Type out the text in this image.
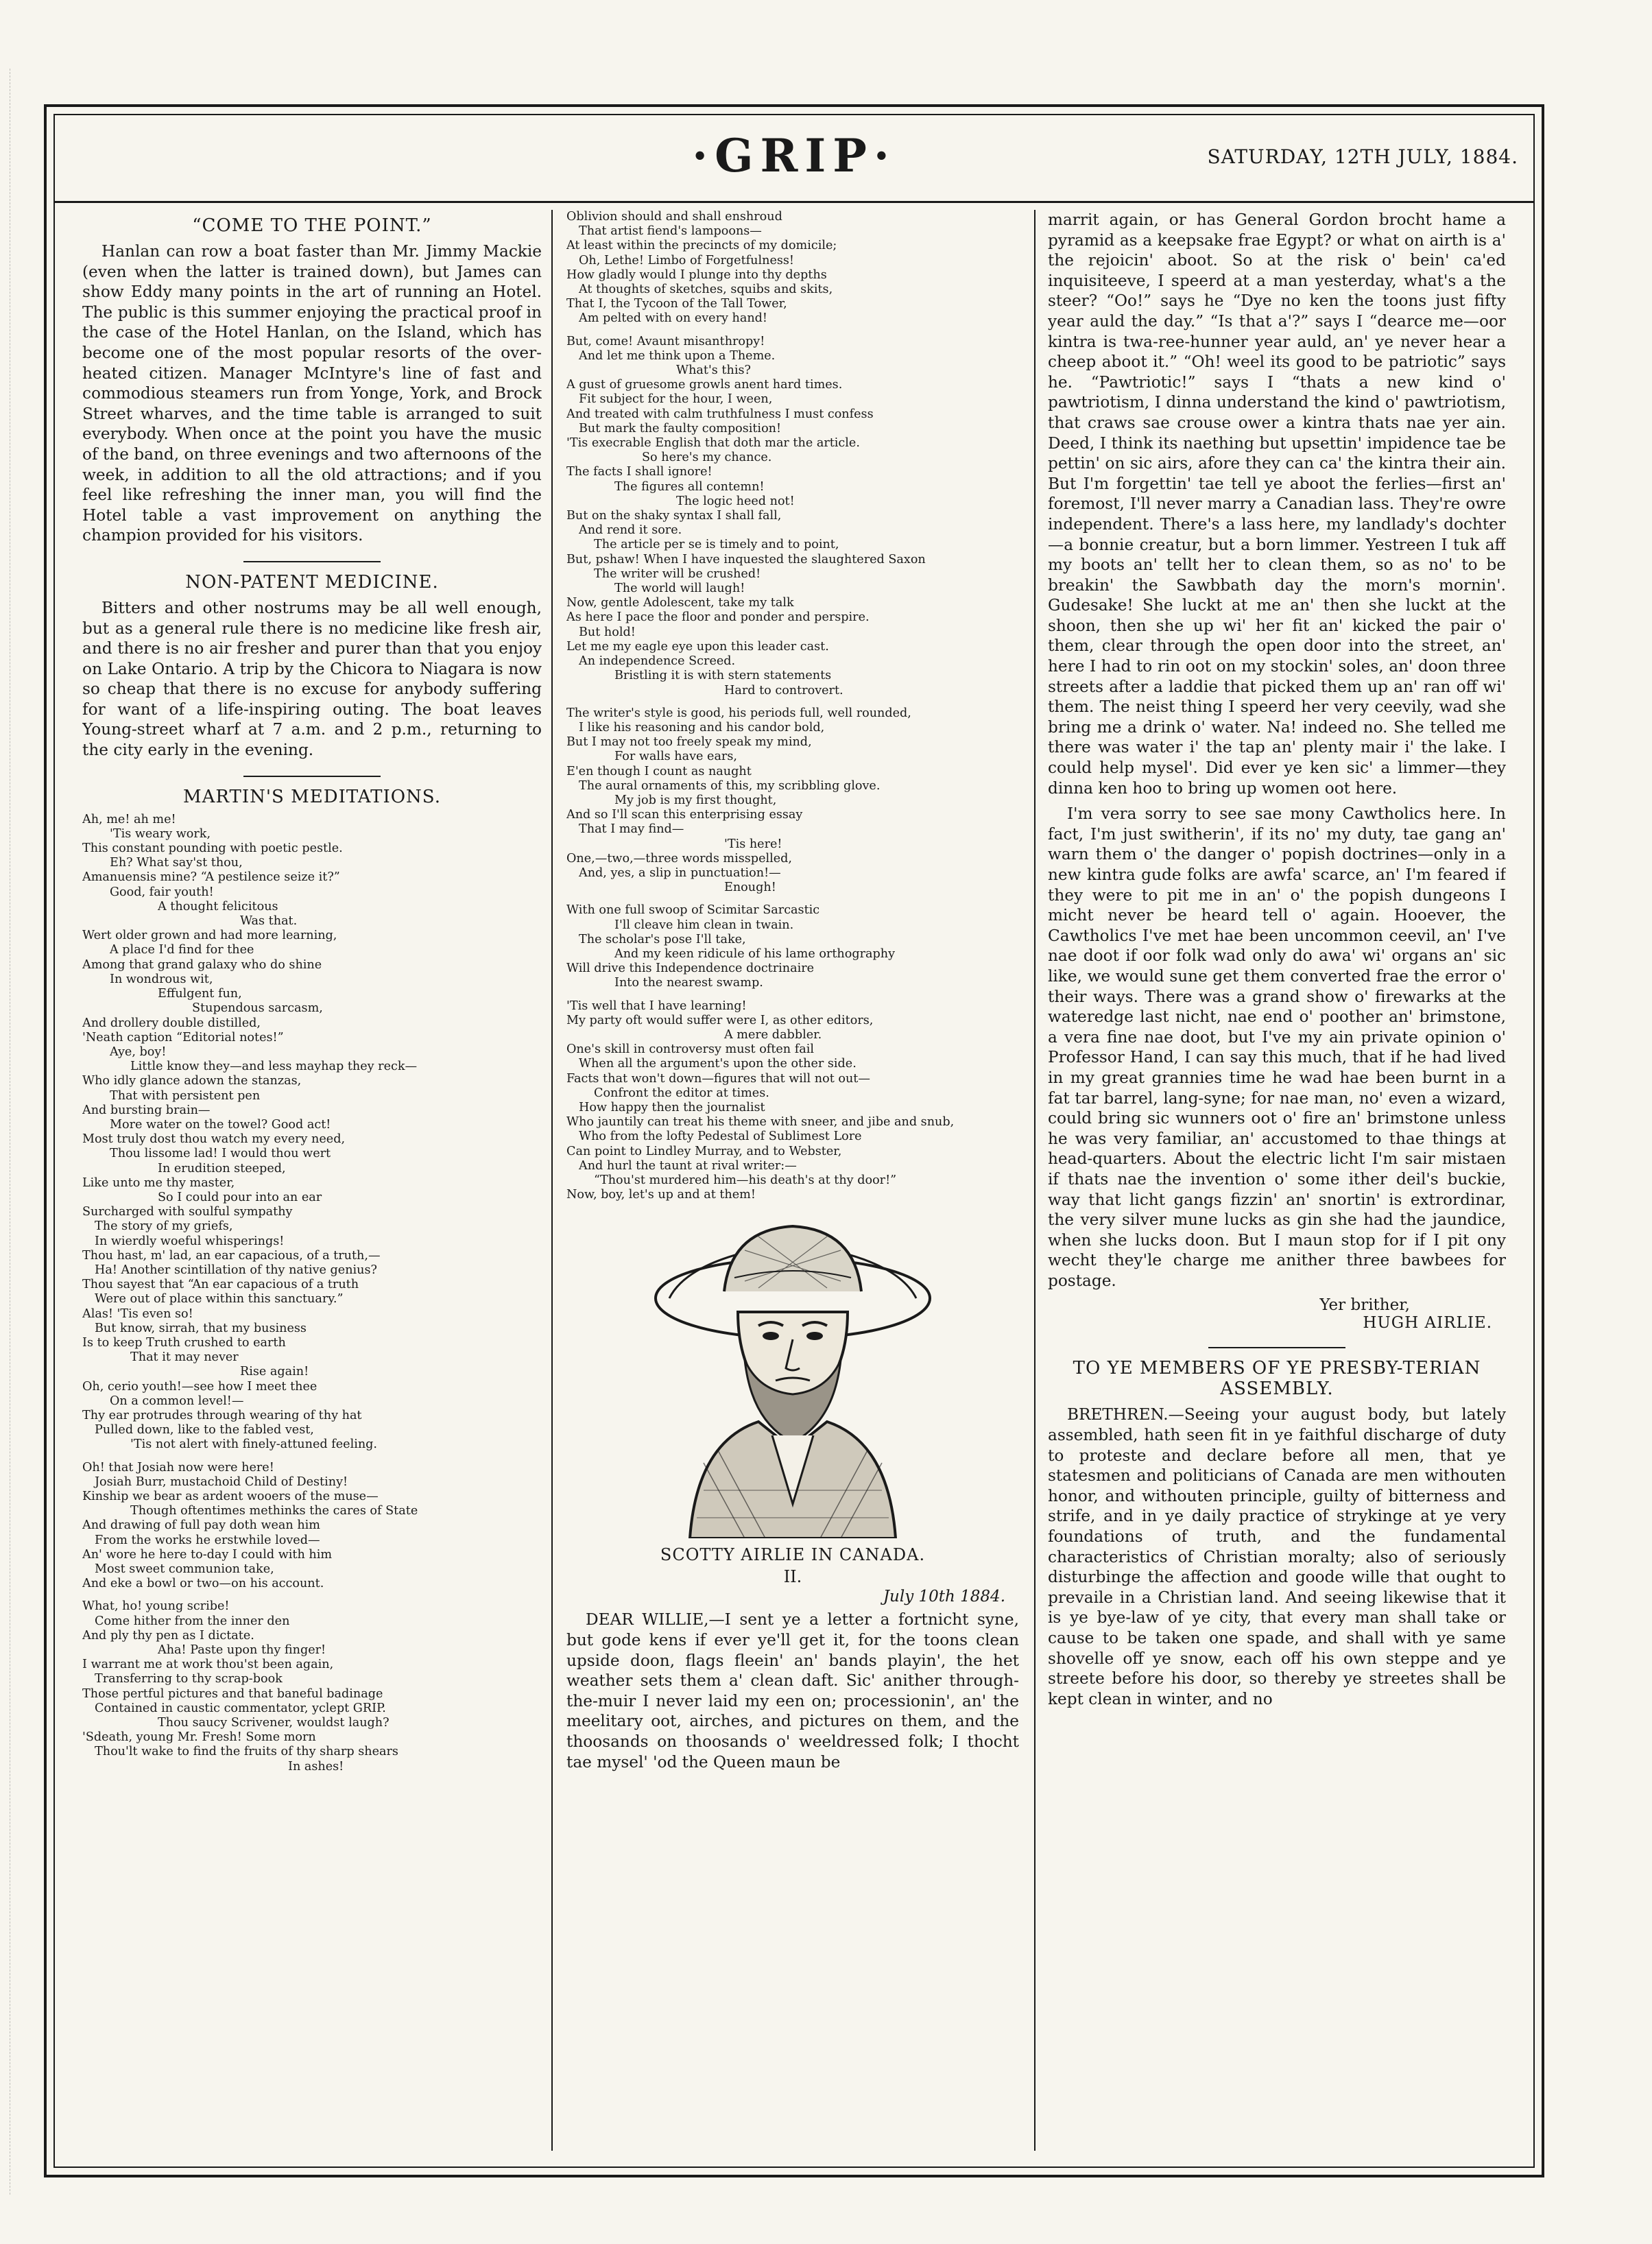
·GRIP·	SATURDAY, 12TH JULY, 1884.
“COME TO THE POINT.”

Hanlan can row a boat faster than Mr. Jimmy Mackie (even when the latter is trained down), but James can show Eddy many points in the art of running an Hotel. The public is this summer enjoying the practical proof in the case of the Hotel Hanlan, on the Island, which has become one of the most popular resorts of the over-heated citizen. Manager McIntyre's line of fast and commodious steamers run from Yonge, York, and Brock Street wharves, and the time table is arranged to suit everybody. When once at the point you have the music of the band, on three evenings and two afternoons of the week, in addition to all the old attractions; and if you feel like refreshing the inner man, you will find the Hotel table a vast improvement on anything the champion provided for his visitors.

NON-PATENT MEDICINE.

Bitters and other nostrums may be all well enough, but as a general rule there is no medicine like fresh air, and there is no air fresher and purer than that you enjoy on Lake Ontario. A trip by the Chicora to Niagara is now so cheap that there is no excuse for anybody suffering for want of a life-inspiring outing. The boat leaves Young-street wharf at 7 a.m. and 2 p.m., returning to the city early in the evening.

MARTIN'S MEDITATIONS.
Ah, me! ah me!
'Tis weary work,
This constant pounding with poetic pestle.
Eh? What say'st thou,
Amanuensis mine? “A pestilence seize it?”
Good, fair youth!
A thought felicitous
Was that.
Wert older grown and had more learning,
A place I'd find for thee
Among that grand galaxy who do shine
In wondrous wit,
Effulgent fun,
Stupendous sarcasm,
And drollery double distilled,
'Neath caption “Editorial notes!”
Aye, boy!
Little know they—and less mayhap they reck—
Who idly glance adown the stanzas,
That with persistent pen
And bursting brain—
More water on the towel? Good act!
Most truly dost thou watch my every need,
Thou lissome lad! I would thou wert
In erudition steeped,
Like unto me thy master,
So I could pour into an ear
Surcharged with soulful sympathy
The story of my griefs,
In wierdly woeful whisperings!
Thou hast, m' lad, an ear capacious, of a truth,—
Ha! Another scintillation of thy native genius?
Thou sayest that “An ear capacious of a truth
Were out of place within this sanctuary.”
Alas! 'Tis even so!
But know, sirrah, that my business
Is to keep Truth crushed to earth
That it may never
Rise again!
Oh, cerio youth!—see how I meet thee
On a common level!—
Thy ear protrudes through wearing of thy hat
Pulled down, like to the fabled vest,
'Tis not alert with finely-attuned feeling.
Oh! that Josiah now were here!
Josiah Burr, mustachoid Child of Destiny!
Kinship we bear as ardent wooers of the muse—
Though oftentimes methinks the cares of State
And drawing of full pay doth wean him
From the works he erstwhile loved—
An' wore he here to-day I could with him
Most sweet communion take,
And eke a bowl or two—on his account.
What, ho! young scribe!
Come hither from the inner den
And ply thy pen as I dictate.
Aha! Paste upon thy finger!
I warrant me at work thou'st been again,
Transferring to thy scrap-book
Those pertful pictures and that baneful badinage
Contained in caustic commentator, yclept GRIP.
Thou saucy Scrivener, wouldst laugh?
'Sdeath, young Mr. Fresh! Some morn
Thou'lt wake to find the fruits of thy sharp shears
In ashes!
Oblivion should and shall enshroud
That artist fiend's lampoons—
At least within the precincts of my domicile;
Oh, Lethe! Limbo of Forgetfulness!
How gladly would I plunge into thy depths
At thoughts of sketches, squibs and skits,
That I, the Tycoon of the Tall Tower,
Am pelted with on every hand!
But, come! Avaunt misanthropy!
And let me think upon a Theme.
What's this?
A gust of gruesome growls anent hard times.
Fit subject for the hour, I ween,
And treated with calm truthfulness I must confess
But mark the faulty composition!
'Tis execrable English that doth mar the article.
So here's my chance.
The facts I shall ignore!
The figures all contemn!
The logic heed not!
But on the shaky syntax I shall fall,
And rend it sore.
The article per se is timely and to point,
But, pshaw! When I have inquested the slaughtered Saxon
The writer will be crushed!
The world will laugh!
Now, gentle Adolescent, take my talk
As here I pace the floor and ponder and perspire.
But hold!
Let me my eagle eye upon this leader cast.
An independence Screed.
Bristling it is with stern statements
Hard to controvert.
The writer's style is good, his periods full, well rounded,
I like his reasoning and his candor bold,
But I may not too freely speak my mind,
For walls have ears,
E'en though I count as naught
The aural ornaments of this, my scribbling glove.
My job is my first thought,
And so I'll scan this enterprising essay
That I may find—
'Tis here!
One,—two,—three words misspelled,
And, yes, a slip in punctuation!—
Enough!
With one full swoop of Scimitar Sarcastic
I'll cleave him clean in twain.
The scholar's pose I'll take,
And my keen ridicule of his lame orthography
Will drive this Independence doctrinaire
Into the nearest swamp.
'Tis well that I have learning!
My party oft would suffer were I, as other editors,
A mere dabbler.
One's skill in controversy must often fail
When all the argument's upon the other side.
Facts that won't down—figures that will not out—
Confront the editor at times.
How happy then the journalist
Who jauntily can treat his theme with sneer, and jibe and snub,
Who from the lofty Pedestal of Sublimest Lore
Can point to Lindley Murray, and to Webster,
And hurl the taunt at rival writer:—
“Thou'st murdered him—his death's at thy door!”
Now, boy, let's up and at them!
SCOTTY AIRLIE IN CANADA.
II.
July 10th 1884.

DEAR WILLIE,—I sent ye a letter a fortnicht syne, but gode kens if ever ye'll get it, for the toons clean upside doon, flags fleein' an' bands playin', the het weather sets them a' clean daft. Sic' anither through-the-muir I never laid my een on; processionin', an' the meelitary oot, airches, and pictures on them, and the thoosands on thoosands o' weeldressed folk; I thocht tae mysel' 'od the Queen maun be

marrit again, or has General Gordon brocht hame a pyramid as a keepsake frae Egypt? or what on airth is a' the rejoicin' aboot. So at the risk o' bein' ca'ed inquisiteeve, I speerd at a man yesterday, what's a the steer? “Oo!” says he “Dye no ken the toons just fifty year auld the day.” “Is that a'?” says I “dearce me—oor kintra is twa-ree-hunner year auld, an' ye never hear a cheep aboot it.” “Oh! weel its good to be patriotic” says he. “Pawtriotic!” says I “thats a new kind o' pawtriotism, I dinna understand the kind o' pawtriotism, that craws sae crouse ower a kintra thats nae yer ain. Deed, I think its naething but upsettin' impidence tae be pettin' on sic airs, afore they can ca' the kintra their ain. But I'm forgettin' tae tell ye aboot the ferlies—first an' foremost, I'll never marry a Canadian lass. They're owre independent. There's a lass here, my landlady's dochter—a bonnie creatur, but a born limmer. Yestreen I tuk aff my boots an' tellt her to clean them, so as no' to be breakin' the Sawbbath day the morn's mornin'. Gudesake! She luckt at me an' then she luckt at the shoon, then she up wi' her fit an' kicked the pair o' them, clear through the open door into the street, an' here I had to rin oot on my stockin' soles, an' doon three streets after a laddie that picked them up an' ran off wi' them. The neist thing I speerd her very ceevily, wad she bring me a drink o' water. Na! indeed no. She telled me there was water i' the tap an' plenty mair i' the lake. I could help mysel'. Did ever ye ken sic' a limmer—they dinna ken hoo to bring up women oot here.

I'm vera sorry to see sae mony Cawtholics here. In fact, I'm just switherin', if its no' my duty, tae gang an' warn them o' the danger o' popish doctrines—only in a new kintra gude folks are awfa' scarce, an' I'm feared if they were to pit me in an' o' the popish dungeons I micht never be heard tell o' again. Hooever, the Cawtholics I've met hae been uncommon ceevil, an' I've nae doot if oor folk wad only do awa' wi' organs an' sic like, we would sune get them converted frae the error o' their ways. There was a grand show o' firewarks at the wateredge last nicht, nae end o' poother an' brimstone, a vera fine nae doot, but I've my ain private opinion o' Professor Hand, I can say this much, that if he had lived in my great grannies time he wad hae been burnt in a fat tar barrel, lang-syne; for nae man, no' even a wizard, could bring sic wunners oot o' fire an' brimstone unless he was very familiar, an' accustomed to thae things at head-quarters. About the electric licht I'm sair mistaen if thats nae the invention o' some ither deil's buckie, way that licht gangs fizzin' an' snortin' is extrordinar, the very silver mune lucks as gin she had the jaundice, when she lucks doon. But I maun stop for if I pit ony wecht they'le charge me anither three bawbees for postage.

Yer brither,
HUGH AIRLIE.
TO YE MEMBERS OF YE PRESBY-TERIAN ASSEMBLY.

BRETHREN.—Seeing your august body, but lately assembled, hath seen fit in ye faithful discharge of duty to proteste and declare before all men, that ye statesmen and politicians of Canada are men withouten honor, and withouten principle, guilty of bitterness and strife, and in ye daily practice of strykinge at ye very foundations of truth, and the fundamental characteristics of Christian moralty; also of seriously disturbinge the affection and goode wille that ought to prevaile in a Christian land. And seeing likewise that it is ye bye-law of ye city, that every man shall take or cause to be taken one spade, and shall with ye same shovelle off ye snow, each off his own steppe and ye streete before his door, so thereby ye streetes shall be kept clean in winter, and no
